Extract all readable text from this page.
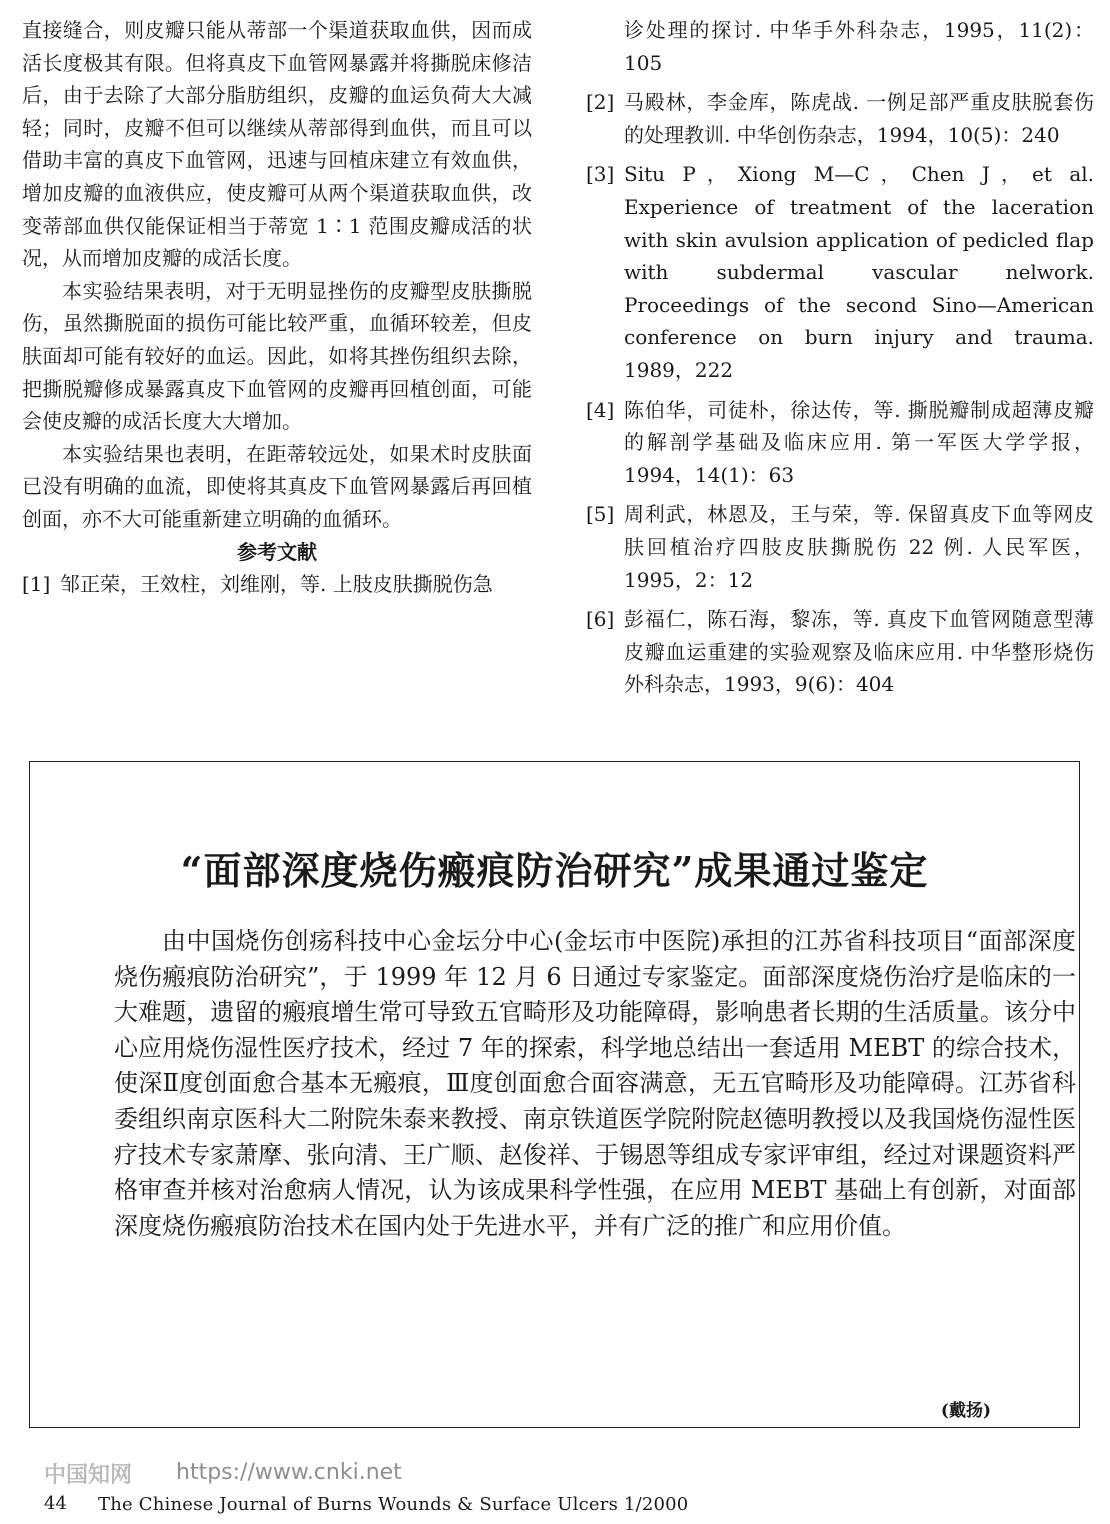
直接缝合，则皮瓣只能从蒂部一个渠道获取血供，因而成活长度极其有限。但将真皮下血管网暴露并将撕脱床修洁后，由于去除了大部分脂肪组织，皮瓣的血运负荷大大减轻；同时，皮瓣不但可以继续从蒂部得到血供，而且可以借助丰富的真皮下血管网，迅速与回植床建立有效血供，增加皮瓣的血液供应，使皮瓣可从两个渠道获取血供，改变蒂部血供仅能保证相当于蒂宽 1∶1 范围皮瓣成活的状况，从而增加皮瓣的成活长度。

本实验结果表明，对于无明显挫伤的皮瓣型皮肤撕脱伤，虽然撕脱面的损伤可能比较严重，血循环较差，但皮肤面却可能有较好的血运。因此，如将其挫伤组织去除，把撕脱瓣修成暴露真皮下血管网的皮瓣再回植创面，可能会使皮瓣的成活长度大大增加。

本实验结果也表明，在距蒂较远处，如果术时皮肤面已没有明确的血流，即使将其真皮下血管网暴露后再回植创面，亦不大可能重新建立明确的血循环。

参考文献

[1] 邹正荣，王效柱，刘维刚，等. 上肢皮肤撕脱伤急
诊处理的探讨. 中华手外科杂志，1995，11(2)：105
[2] 马殿林，李金库，陈虎战. 一例足部严重皮肤脱套伤的处理教训. 中华创伤杂志，1994，10(5)：240
[3] Situ P，Xiong M—C，Chen J，et al. Experience of treatment of the laceration with skin avulsion application of pedicled flap with subdermal vascular nelwork. Proceedings of the second Sino—American conference on burn injury and trauma. 1989，222
[4] 陈伯华，司徒朴，徐达传，等. 撕脱瓣制成超薄皮瓣的解剖学基础及临床应用. 第一军医大学学报，1994，14(1)：63
[5] 周利武，林恩及，王与荣，等. 保留真皮下血等网皮肤回植治疗四肢皮肤撕脱伤 22 例. 人民军医，1995，2：12
[6] 彭福仁，陈石海，黎冻，等. 真皮下血管网随意型薄皮瓣血运重建的实验观察及临床应用. 中华整形烧伤外科杂志，1993，9(6)：404
“面部深度烧伤瘢痕防治研究”成果通过鉴定

由中国烧伤创疡科技中心金坛分中心(金坛市中医院)承担的江苏省科技项目“面部深度烧伤瘢痕防治研究”，于 1999 年 12 月 6 日通过专家鉴定。面部深度烧伤治疗是临床的一大难题，遗留的瘢痕增生常可导致五官畸形及功能障碍，影响患者长期的生活质量。该分中心应用烧伤湿性医疗技术，经过 7 年的探索，科学地总结出一套适用 MEBT 的综合技术，使深Ⅱ度创面愈合基本无瘢痕，Ⅲ度创面愈合面容满意，无五官畸形及功能障碍。江苏省科委组织南京医科大二附院朱泰来教授、南京铁道医学院附院赵德明教授以及我国烧伤湿性医疗技术专家萧摩、张向清、王广顺、赵俊祥、于锡恩等组成专家评审组，经过对课题资料严格审查并核对治愈病人情况，认为该成果科学性强，在应用 MEBT 基础上有创新，对面部深度烧伤瘢痕防治技术在国内处于先进水平，并有广泛的推广和应用价值。

(戴扬)
中国知网 https://www.cnki.net
44 The Chinese Journal of Burns Wounds & Surface Ulcers 1/2000
